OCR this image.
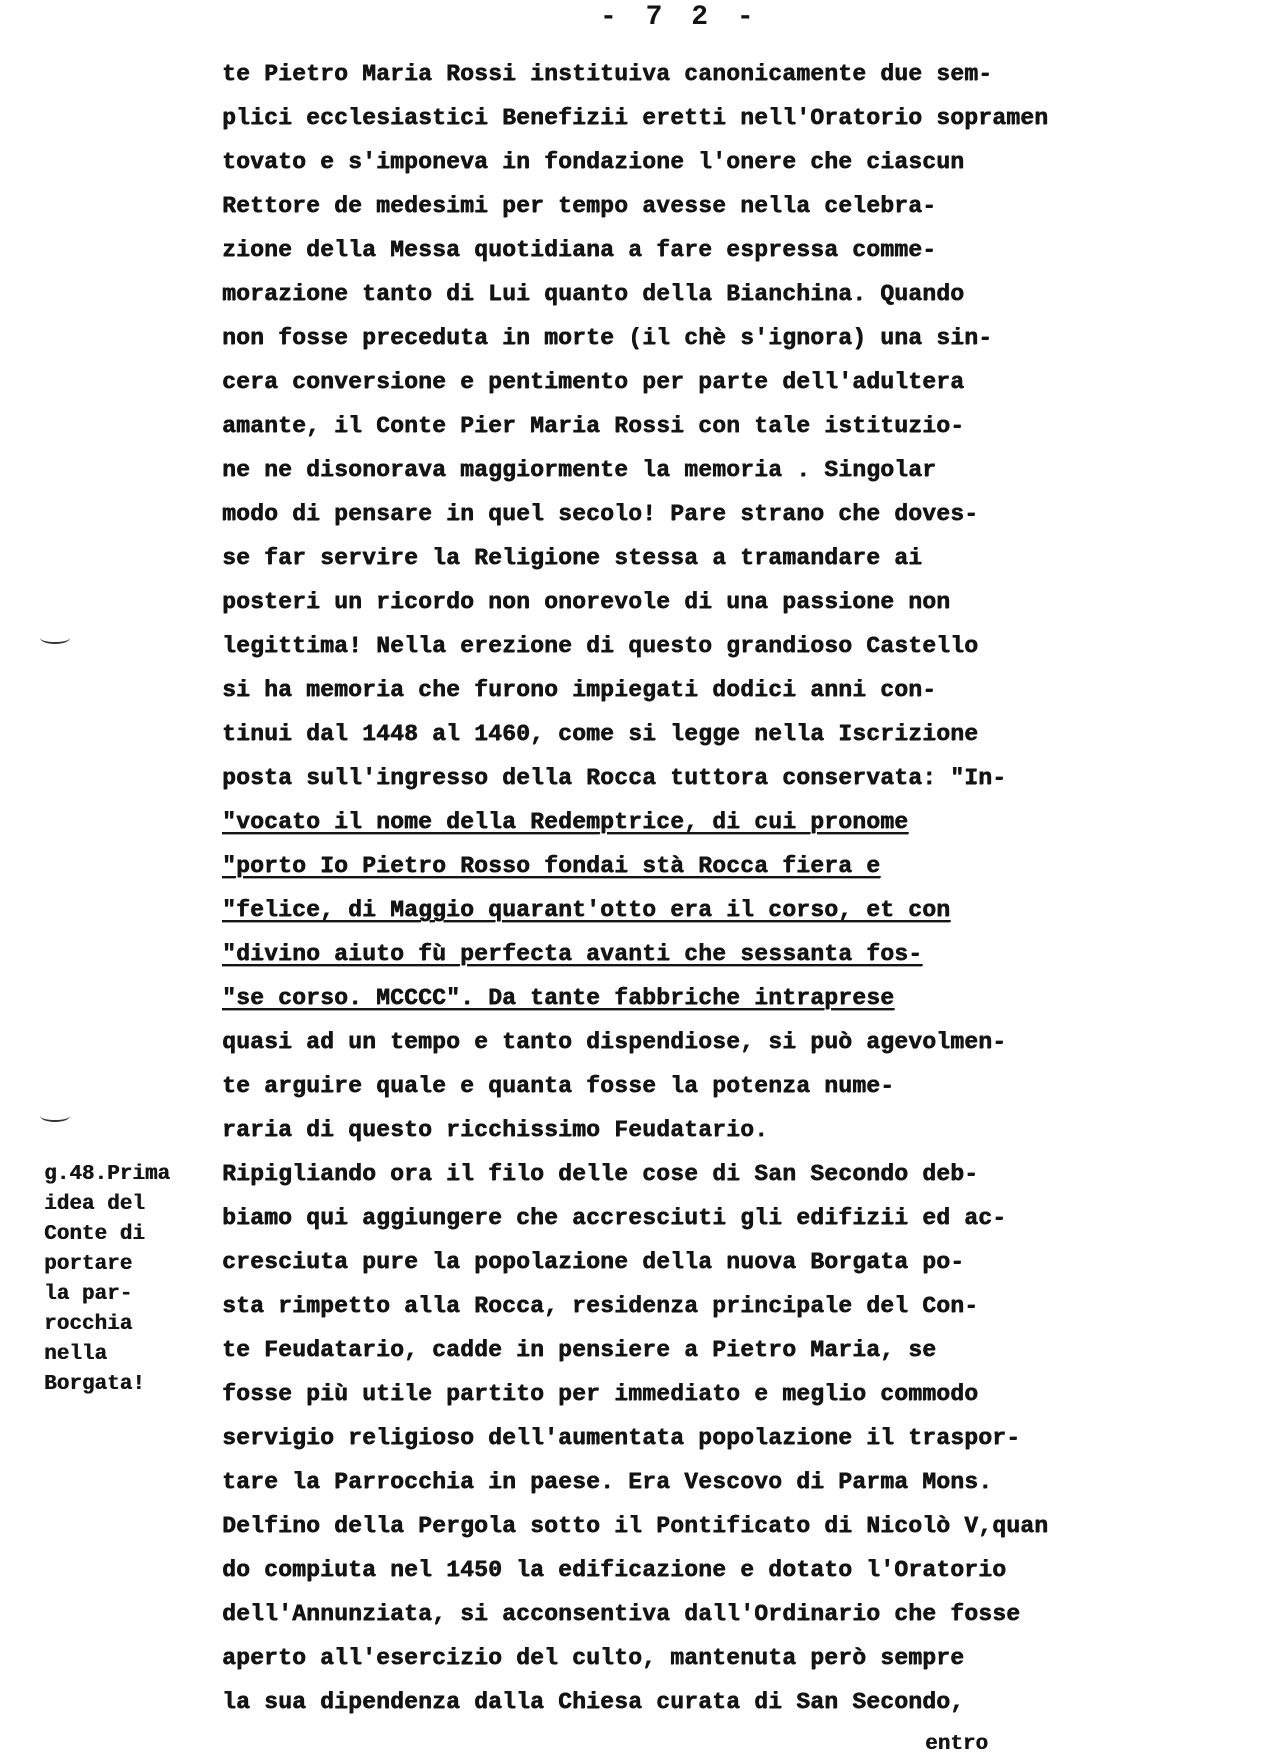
- 7 2 -
te Pietro Maria Rossi instituiva canonicamente due sem-
plici ecclesiastici Benefizii eretti nell'Oratorio sopramen
tovato e s'imponeva in fondazione l'onere che ciascun
Rettore de medesimi per tempo avesse nella celebra-
zione della Messa quotidiana a fare espressa comme-
morazione tanto di Lui quanto della Bianchina. Quando
non fosse preceduta in morte (il chè s'ignora) una sin-
cera conversione e pentimento per parte dell'adultera
amante, il Conte Pier Maria Rossi con tale istituzio-
ne ne disonorava maggiormente la memoria . Singolar
modo di pensare in quel secolo! Pare strano che doves-
se far servire la Religione stessa a tramandare ai
posteri un ricordo non onorevole di una passione non
legittima! Nella erezione di questo grandioso Castello
si ha memoria che furono impiegati dodici anni con-
tinui dal 1448 al 1460, come si legge nella Iscrizione
posta sull'ingresso della Rocca tuttora conservata: "In-
"vocato il nome della Redemptrice, di cui pronome
"porto Io Pietro Rosso fondai stà Rocca fiera e
"felice, di Maggio quarant'otto era il corso, et con
"divino aiuto fù perfecta avanti che sessanta fos-
"se corso. MCCCC". Da tante fabbriche intraprese
quasi ad un tempo e tanto dispendiose, si può agevolmen-
te arguire quale e quanta fosse la potenza nume-
raria di questo ricchissimo Feudatario.
Ripigliando ora il filo delle cose di San Secondo deb-
biamo qui aggiungere che accresciuti gli edifizii ed ac-
cresciuta pure la popolazione della nuova Borgata po-
sta rimpetto alla Rocca, residenza principale del Con-
te Feudatario, cadde in pensiere a Pietro Maria, se
fosse più utile partito per immediato e meglio commodo
servigio religioso dell'aumentata popolazione il traspor-
tare la Parrocchia in paese. Era Vescovo di Parma Mons.
Delfino della Pergola sotto il Pontificato di Nicolò V,quan
do compiuta nel 1450 la edificazione e dotato l'Oratorio
dell'Annunziata, si acconsentiva dall'Ordinario che fosse
aperto all'esercizio del culto, mantenuta però sempre
la sua dipendenza dalla Chiesa curata di San Secondo,
g.48.Prima
idea del
Conte di
portare
la par-
rocchia
nella
Borgata!
entro
